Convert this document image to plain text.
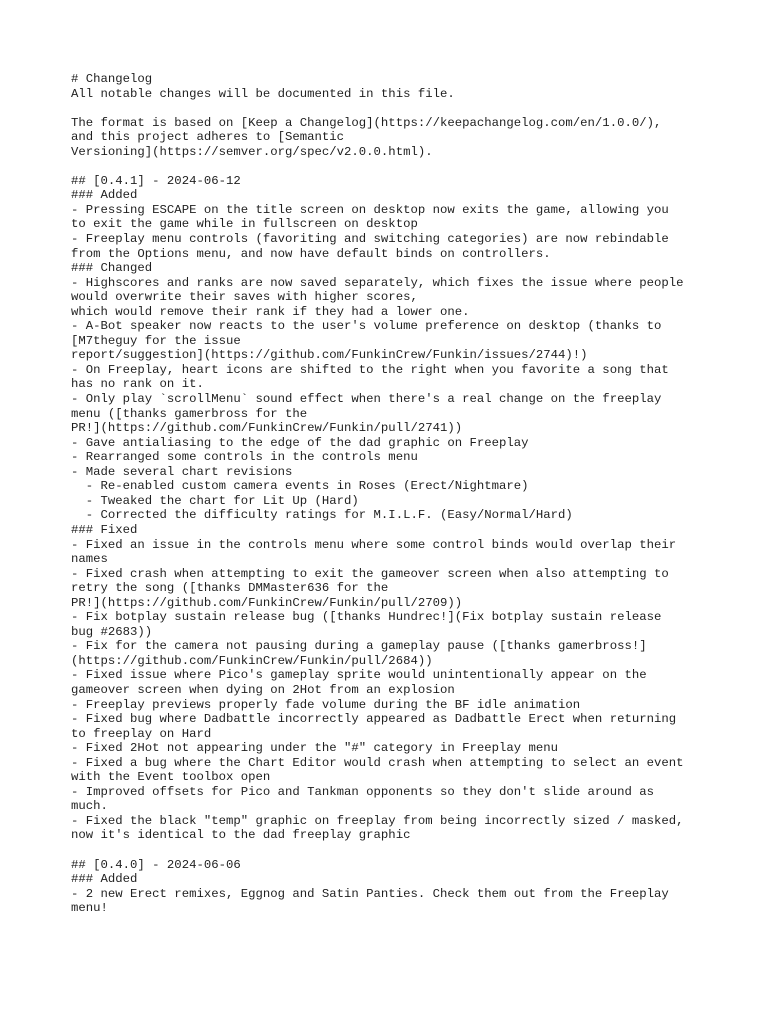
# Changelog
All notable changes will be documented in this file.
The format is based on [Keep a Changelog](https://keepachangelog.com/en/1.0.0/),
and this project adheres to [Semantic
Versioning](https://semver.org/spec/v2.0.0.html).
## [0.4.1] - 2024-06-12
### Added
- Pressing ESCAPE on the title screen on desktop now exits the game, allowing you
to exit the game while in fullscreen on desktop
- Freeplay menu controls (favoriting and switching categories) are now rebindable
from the Options menu, and now have default binds on controllers.
### Changed
- Highscores and ranks are now saved separately, which fixes the issue where people
would overwrite their saves with higher scores,
which would remove their rank if they had a lower one.
- A-Bot speaker now reacts to the user's volume preference on desktop (thanks to
[M7theguy for the issue
report/suggestion](https://github.com/FunkinCrew/Funkin/issues/2744)!)
- On Freeplay, heart icons are shifted to the right when you favorite a song that
has no rank on it.
- Only play `scrollMenu` sound effect when there's a real change on the freeplay
menu ([thanks gamerbross for the
PR!](https://github.com/FunkinCrew/Funkin/pull/2741))
- Gave antialiasing to the edge of the dad graphic on Freeplay
- Rearranged some controls in the controls menu
- Made several chart revisions
- Re-enabled custom camera events in Roses (Erect/Nightmare)
- Tweaked the chart for Lit Up (Hard)
- Corrected the difficulty ratings for M.I.L.F. (Easy/Normal/Hard)
### Fixed
- Fixed an issue in the controls menu where some control binds would overlap their
names
- Fixed crash when attempting to exit the gameover screen when also attempting to
retry the song ([thanks DMMaster636 for the
PR!](https://github.com/FunkinCrew/Funkin/pull/2709))
- Fix botplay sustain release bug ([thanks Hundrec!](Fix botplay sustain release
bug #2683))
- Fix for the camera not pausing during a gameplay pause ([thanks gamerbross!]
(https://github.com/FunkinCrew/Funkin/pull/2684))
- Fixed issue where Pico's gameplay sprite would unintentionally appear on the
gameover screen when dying on 2Hot from an explosion
- Freeplay previews properly fade volume during the BF idle animation
- Fixed bug where Dadbattle incorrectly appeared as Dadbattle Erect when returning
to freeplay on Hard
- Fixed 2Hot not appearing under the "#" category in Freeplay menu
- Fixed a bug where the Chart Editor would crash when attempting to select an event
with the Event toolbox open
- Improved offsets for Pico and Tankman opponents so they don't slide around as
much.
- Fixed the black "temp" graphic on freeplay from being incorrectly sized / masked,
now it's identical to the dad freeplay graphic
## [0.4.0] - 2024-06-06
### Added
- 2 new Erect remixes, Eggnog and Satin Panties. Check them out from the Freeplay
menu!
